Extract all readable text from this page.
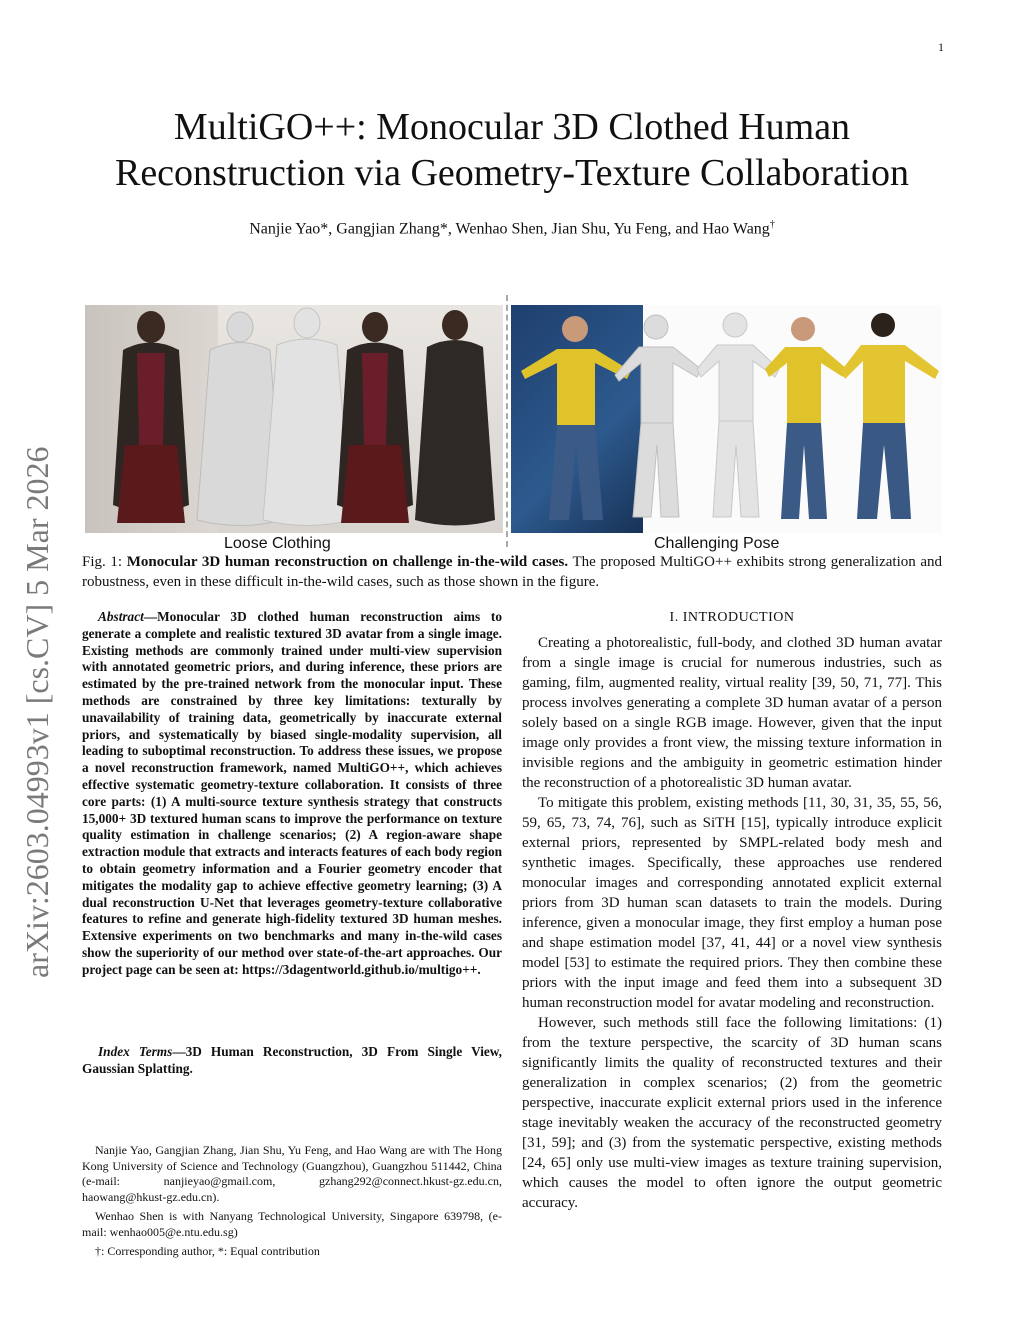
1
MultiGO++: Monocular 3D Clothed Human
Reconstruction via Geometry-Texture Collaboration
Nanjie Yao*, Gangjian Zhang*, Wenhao Shen, Jian Shu, Yu Feng, and Hao Wang†
arXiv:2603.04993v1 [cs.CV] 5 Mar 2026	Loose Clothing	Challenging Pose
Fig. 1: Monocular 3D human reconstruction on challenge in-the-wild cases. The proposed MultiGO++ exhibits strong generalization and robustness, even in these difficult in-the-wild cases, such as those shown in the figure.
Abstract—Monocular 3D clothed human reconstruction aims to generate a complete and realistic textured 3D avatar from a single image. Existing methods are commonly trained under multi-view supervision with annotated geometric priors, and during inference, these priors are estimated by the pre-trained network from the monocular input. These methods are constrained by three key limitations: texturally by unavailability of training data, geometrically by inaccurate external priors, and systematically by biased single-modality supervision, all leading to suboptimal reconstruction. To address these issues, we propose a novel reconstruction framework, named MultiGO++, which achieves effective systematic geometry-texture collaboration. It consists of three core parts: (1) A multi-source texture synthesis strategy that constructs 15,000+ 3D textured human scans to improve the performance on texture quality estimation in challenge scenarios; (2) A region-aware shape extraction module that extracts and interacts features of each body region to obtain geometry information and a Fourier geometry encoder that mitigates the modality gap to achieve effective geometry learning; (3) A dual reconstruction U-Net that leverages geometry-texture collaborative features to refine and generate high-fidelity textured 3D human meshes. Extensive experiments on two benchmarks and many in-the-wild cases show the superiority of our method over state-of-the-art approaches. Our project page can be seen at: https://3dagentworld.github.io/multigo++.
Index Terms—3D Human Reconstruction, 3D From Single View, Gaussian Splatting.

Nanjie Yao, Gangjian Zhang, Jian Shu, Yu Feng, and Hao Wang are with The Hong Kong University of Science and Technology (Guangzhou), Guangzhou 511442, China (e-mail: nanjieyao@gmail.com, gzhang292@connect.hkust-gz.edu.cn, haowang@hkust-gz.edu.cn).

Wenhao Shen is with Nanyang Technological University, Singapore 639798, (e-mail: wenhao005@e.ntu.edu.sg)

†: Corresponding author, *: Equal contribution

I. INTRODUCTION

Creating a photorealistic, full-body, and clothed 3D human avatar from a single image is crucial for numerous industries, such as gaming, film, augmented reality, virtual reality [39, 50, 71, 77]. This process involves generating a complete 3D human avatar of a person solely based on a single RGB image. However, given that the input image only provides a front view, the missing texture information in invisible regions and the ambiguity in geometric estimation hinder the reconstruction of a photorealistic 3D human avatar.

To mitigate this problem, existing methods [11, 30, 31, 35, 55, 56, 59, 65, 73, 74, 76], such as SiTH [15], typically introduce explicit external priors, represented by SMPL-related body mesh and synthetic images. Specifically, these approaches use rendered monocular images and corresponding annotated explicit external priors from 3D human scan datasets to train the models. During inference, given a monocular image, they first employ a human pose and shape estimation model [37, 41, 44] or a novel view synthesis model [53] to estimate the required priors. They then combine these priors with the input image and feed them into a subsequent 3D human reconstruction model for avatar modeling and reconstruction.

However, such methods still face the following limitations: (1) from the texture perspective, the scarcity of 3D human scans significantly limits the quality of reconstructed textures and their generalization in complex scenarios; (2) from the geometric perspective, inaccurate explicit external priors used in the inference stage inevitably weaken the accuracy of the reconstructed geometry [31, 59]; and (3) from the systematic perspective, existing methods [24, 65] only use multi-view images as texture training supervision, which causes the model to often ignore the output geometric accuracy.
